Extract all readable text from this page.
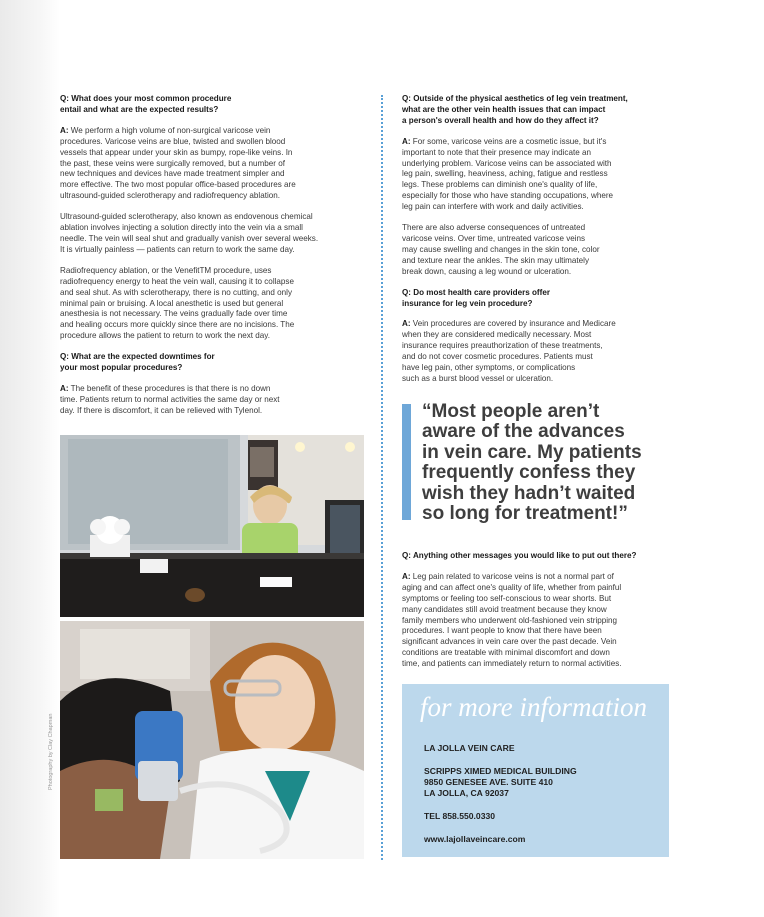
Q: What does your most common procedure
entail and what are the expected results?

A: We perform a high volume of non-surgical varicose vein
procedures. Varicose veins are blue, twisted and swollen blood
vessels that appear under your skin as bumpy, rope-like veins. In
the past, these veins were surgically removed, but a number of
new techniques and devices have made treatment simpler and
more effective. The two most popular office-based procedures are
ultrasound-guided sclerotherapy and radiofrequency ablation.

Ultrasound-guided sclerotherapy, also known as endovenous chemical
ablation involves injecting a solution directly into the vein via a small
needle. The vein will seal shut and gradually vanish over several weeks.
It is virtually painless — patients can return to work the same day.

Radiofrequency ablation, or the VenefitTM procedure, uses
radiofrequency energy to heat the vein wall, causing it to collapse
and seal shut. As with sclerotherapy, there is no cutting, and only
minimal pain or bruising. A local anesthetic is used but general
anesthesia is not necessary. The veins gradually fade over time
and healing occurs more quickly since there are no incisions. The
procedure allows the patient to return to work the next day.

Q: What are the expected downtimes for
your most popular procedures?

A: The benefit of these procedures is that there is no down
time. Patients return to normal activities the same day or next
day. If there is discomfort, it can be relieved with Tylenol.

Q: Outside of the physical aesthetics of leg vein treatment,
what are the other vein health issues that can impact
a person's overall health and how do they affect it?

A: For some, varicose veins are a cosmetic issue, but it's
important to note that their presence may indicate an
underlying problem. Varicose veins can be associated with
leg pain, swelling, heaviness, aching, fatigue and restless
legs. These problems can diminish one's quality of life,
especially for those who have standing occupations, where
leg pain can interfere with work and daily activities.

There are also adverse consequences of untreated
varicose veins. Over time, untreated varicose veins
may cause swelling and changes in the skin tone, color
and texture near the ankles. The skin may ultimately
break down, causing a leg wound or ulceration.

Q: Do most health care providers offer
insurance for leg vein procedure?

A: Vein procedures are covered by insurance and Medicare
when they are considered medically necessary. Most
insurance requires preauthorization of these treatments,
and do not cover cosmetic procedures. Patients must
have leg pain, other symptoms, or complications
such as a burst blood vessel or ulceration.

“Most people aren’t
aware of the advances
in vein care. My patients
frequently confess they
wish they hadn’t waited
so long for treatment!”

Q: Anything other messages you would like to put out there?

A: Leg pain related to varicose veins is not a normal part of
aging and can affect one's quality of life, whether from painful
symptoms or feeling too self-conscious to wear shorts. But
many candidates still avoid treatment because they know
family members who underwent old-fashioned vein stripping
procedures. I want people to know that there have been
significant advances in vein care over the past decade. Vein
conditions are treatable with minimal discomfort and down
time, and patients can immediately return to normal activities.

Photography by Clay Chapman
for more information
LA JOLLA VEIN CARE
SCRIPPS XIMED MEDICAL BUILDING
9850 GENESEE AVE. SUITE 410
LA JOLLA, CA 92037
TEL 858.550.0330
www.lajollaveincare.com
